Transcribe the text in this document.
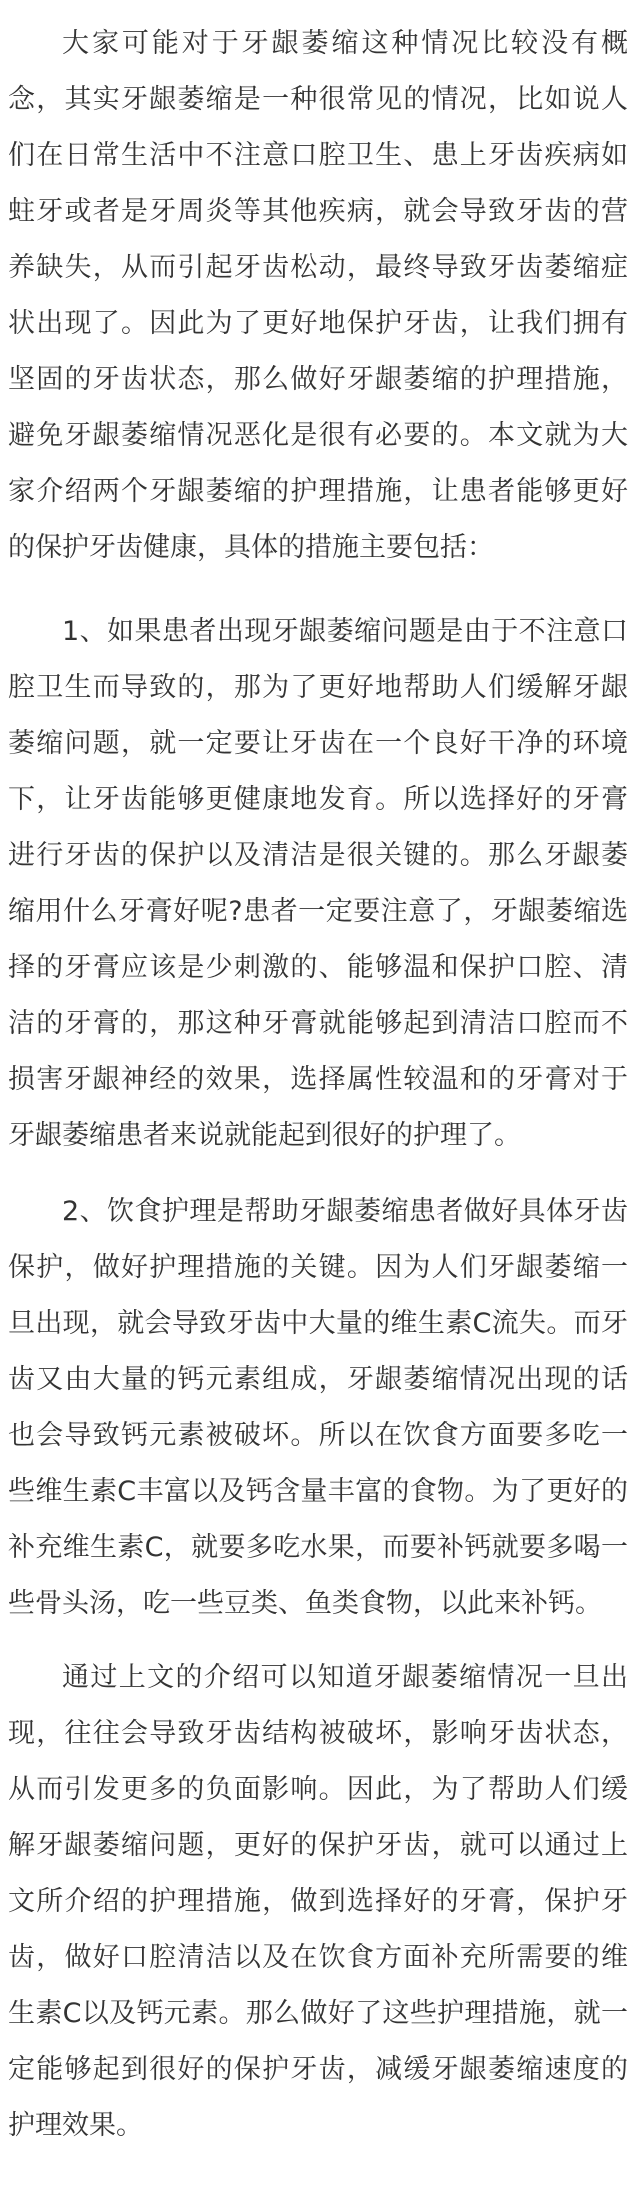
大家可能对于牙龈萎缩这种情况比较没有概念，其实牙龈萎缩是一种很常见的情况，比如说人们在日常生活中不注意口腔卫生、患上牙齿疾病如蛀牙或者是牙周炎等其他疾病，就会导致牙齿的营养缺失，从而引起牙齿松动，最终导致牙齿萎缩症状出现了。因此为了更好地保护牙齿，让我们拥有坚固的牙齿状态，那么做好牙龈萎缩的护理措施，避免牙龈萎缩情况恶化是很有必要的。本文就为大家介绍两个牙龈萎缩的护理措施，让患者能够更好的保护牙齿健康，具体的措施主要包括：

1、如果患者出现牙龈萎缩问题是由于不注意口腔卫生而导致的，那为了更好地帮助人们缓解牙龈萎缩问题，就一定要让牙齿在一个良好干净的环境下，让牙齿能够更健康地发育。所以选择好的牙膏进行牙齿的保护以及清洁是很关键的。那么牙龈萎缩用什么牙膏好呢?患者一定要注意了，牙龈萎缩选择的牙膏应该是少刺激的、能够温和保护口腔、清洁的牙膏的，那这种牙膏就能够起到清洁口腔而不损害牙龈神经的效果，选择属性较温和的牙膏对于牙龈萎缩患者来说就能起到很好的护理了。

2、饮食护理是帮助牙龈萎缩患者做好具体牙齿保护，做好护理措施的关键。因为人们牙龈萎缩一旦出现，就会导致牙齿中大量的维生素C流失。而牙齿又由大量的钙元素组成，牙龈萎缩情况出现的话也会导致钙元素被破坏。所以在饮食方面要多吃一些维生素C丰富以及钙含量丰富的食物。为了更好的补充维生素C，就要多吃水果，而要补钙就要多喝一些骨头汤，吃一些豆类、鱼类食物，以此来补钙。

通过上文的介绍可以知道牙龈萎缩情况一旦出现，往往会导致牙齿结构被破坏，影响牙齿状态，从而引发更多的负面影响。因此，为了帮助人们缓解牙龈萎缩问题，更好的保护牙齿，就可以通过上文所介绍的护理措施，做到选择好的牙膏，保护牙齿，做好口腔清洁以及在饮食方面补充所需要的维生素C以及钙元素。那么做好了这些护理措施，就一定能够起到很好的保护牙齿，减缓牙龈萎缩速度的护理效果。
